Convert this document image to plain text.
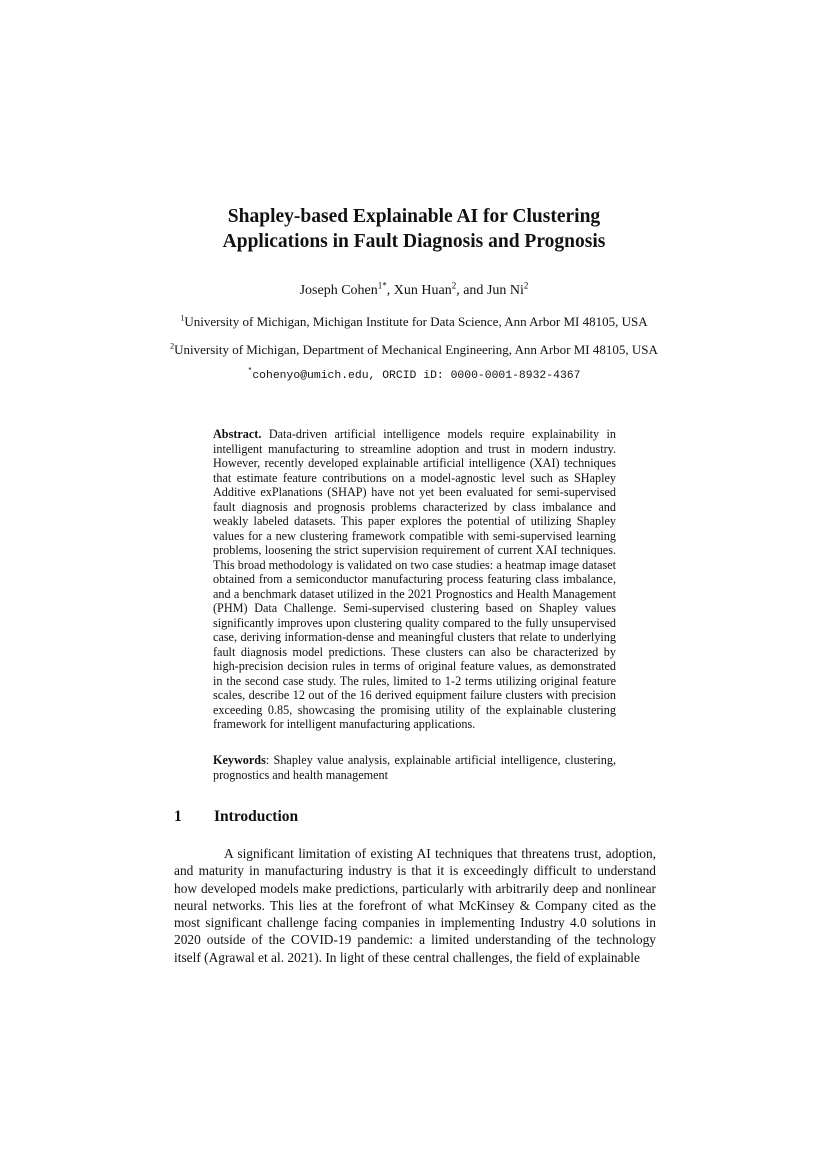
Shapley-based Explainable AI for Clustering
Applications in Fault Diagnosis and Prognosis
Joseph Cohen$^{1*}$, Xun Huan$^2$, and Jun Ni$^2$
$^1$University of Michigan, Michigan Institute for Data Science, Ann Arbor MI 48105, USA
$^2$University of Michigan, Department of Mechanical Engineering, Ann Arbor MI 48105, USA
*cohenyo@umich.edu, ORCID iD: 0000-0001-8932-4367
Abstract. Data-driven artificial intelligence models require explainability in intelligent manufacturing to streamline adoption and trust in modern industry. However, recently developed explainable artificial intelligence (XAI) techniques that estimate feature contributions on a model-agnostic level such as SHapley Additive exPlanations (SHAP) have not yet been evaluated for semi-supervised fault diagnosis and prognosis problems characterized by class imbalance and weakly labeled datasets. This paper explores the potential of utilizing Shapley values for a new clustering framework compatible with semi-supervised learning problems, loosening the strict supervision requirement of current XAI techniques. This broad methodology is validated on two case studies: a heatmap image dataset obtained from a semiconductor manufacturing process featuring class imbalance, and a benchmark dataset utilized in the 2021 Prognostics and Health Management (PHM) Data Challenge. Semi-supervised clustering based on Shapley values significantly improves upon clustering quality compared to the fully unsupervised case, deriving information-dense and meaningful clusters that relate to underlying fault diagnosis model predictions. These clusters can also be characterized by high-precision decision rules in terms of original feature values, as demonstrated in the second case study. The rules, limited to 1-2 terms utilizing original feature scales, describe 12 out of the 16 derived equipment failure clusters with precision exceeding 0.85, showcasing the promising utility of the explainable clustering framework for intelligent manufacturing applications.
Keywords: Shapley value analysis, explainable artificial intelligence, clustering, prognostics and health management
1 Introduction

A significant limitation of existing AI techniques that threatens trust, adoption, and maturity in manufacturing industry is that it is exceedingly difficult to understand how developed models make predictions, particularly with arbitrarily deep and nonlinear neural networks. This lies at the forefront of what McKinsey & Company cited as the most significant challenge facing companies in implementing Industry 4.0 solutions in 2020 outside of the COVID-19 pandemic: a limited understanding of the technology itself (Agrawal et al. 2021). In light of these central challenges, the field of explainable
